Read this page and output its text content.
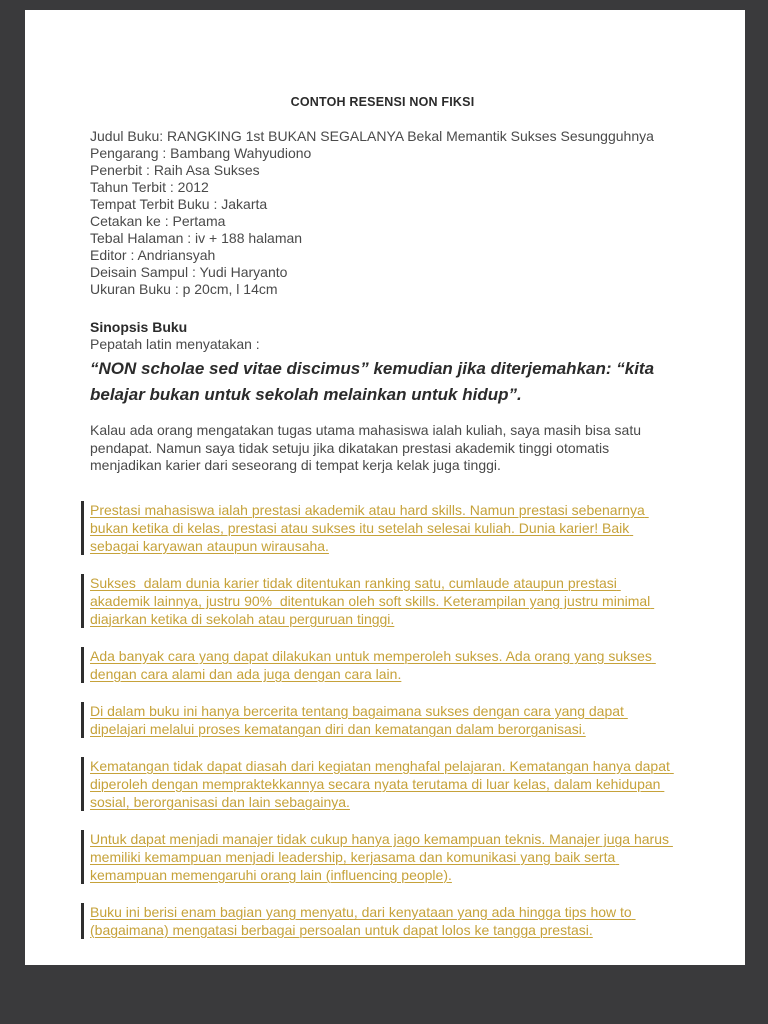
CONTOH RESENSI NON FIKSI

Judul Buku: RANGKING 1st BUKAN SEGALANYA Bekal Memantik Sukses Sesungguhnya

Pengarang : Bambang Wahyudiono

Penerbit : Raih Asa Sukses

Tahun Terbit : 2012

Tempat Terbit Buku : Jakarta

Cetakan ke : Pertama

Tebal Halaman : iv + 188 halaman

Editor : Andriansyah

Deisain Sampul : Yudi Haryanto

Ukuran Buku : p 20cm, l 14cm

Sinopsis Buku

Pepatah latin menyatakan :

“NON scholae sed vitae discimus” kemudian jika diterjemahkan: “kita belajar bukan untuk sekolah melainkan untuk hidup”.

Kalau ada orang mengatakan tugas utama mahasiswa ialah kuliah, saya masih bisa satu pendapat. Namun saya tidak setuju jika dikatakan prestasi akademik tinggi otomatis menjadikan karier dari seseorang di tempat kerja kelak juga tinggi.

Prestasi mahasiswa ialah prestasi akademik atau hard skills. Namun prestasi sebenarnya bukan ketika di kelas, prestasi atau sukses itu setelah selesai kuliah. Dunia karier! Baik sebagai karyawan ataupun wirausaha.
Sukses  dalam dunia karier tidak ditentukan ranking satu, cumlaude ataupun prestasi akademik lainnya, justru 90%  ditentukan oleh soft skills. Keterampilan yang justru minimal diajarkan ketika di sekolah atau perguruan tinggi.
Ada banyak cara yang dapat dilakukan untuk memperoleh sukses. Ada orang yang sukses dengan cara alami dan ada juga dengan cara lain.
Di dalam buku ini hanya bercerita tentang bagaimana sukses dengan cara yang dapat dipelajari melalui proses kematangan diri dan kematangan dalam berorganisasi.
Kematangan tidak dapat diasah dari kegiatan menghafal pelajaran. Kematangan hanya dapat diperoleh dengan mempraktekkannya secara nyata terutama di luar kelas, dalam kehidupan sosial, berorganisasi dan lain sebagainya.
Untuk dapat menjadi manajer tidak cukup hanya jago kemampuan teknis. Manajer juga harus memiliki kemampuan menjadi leadership, kerjasama dan komunikasi yang baik serta kemampuan memengaruhi orang lain (influencing people).
Buku ini berisi enam bagian yang menyatu, dari kenyataan yang ada hingga tips how to (bagaimana) mengatasi berbagai persoalan untuk dapat lolos ke tangga prestasi.
